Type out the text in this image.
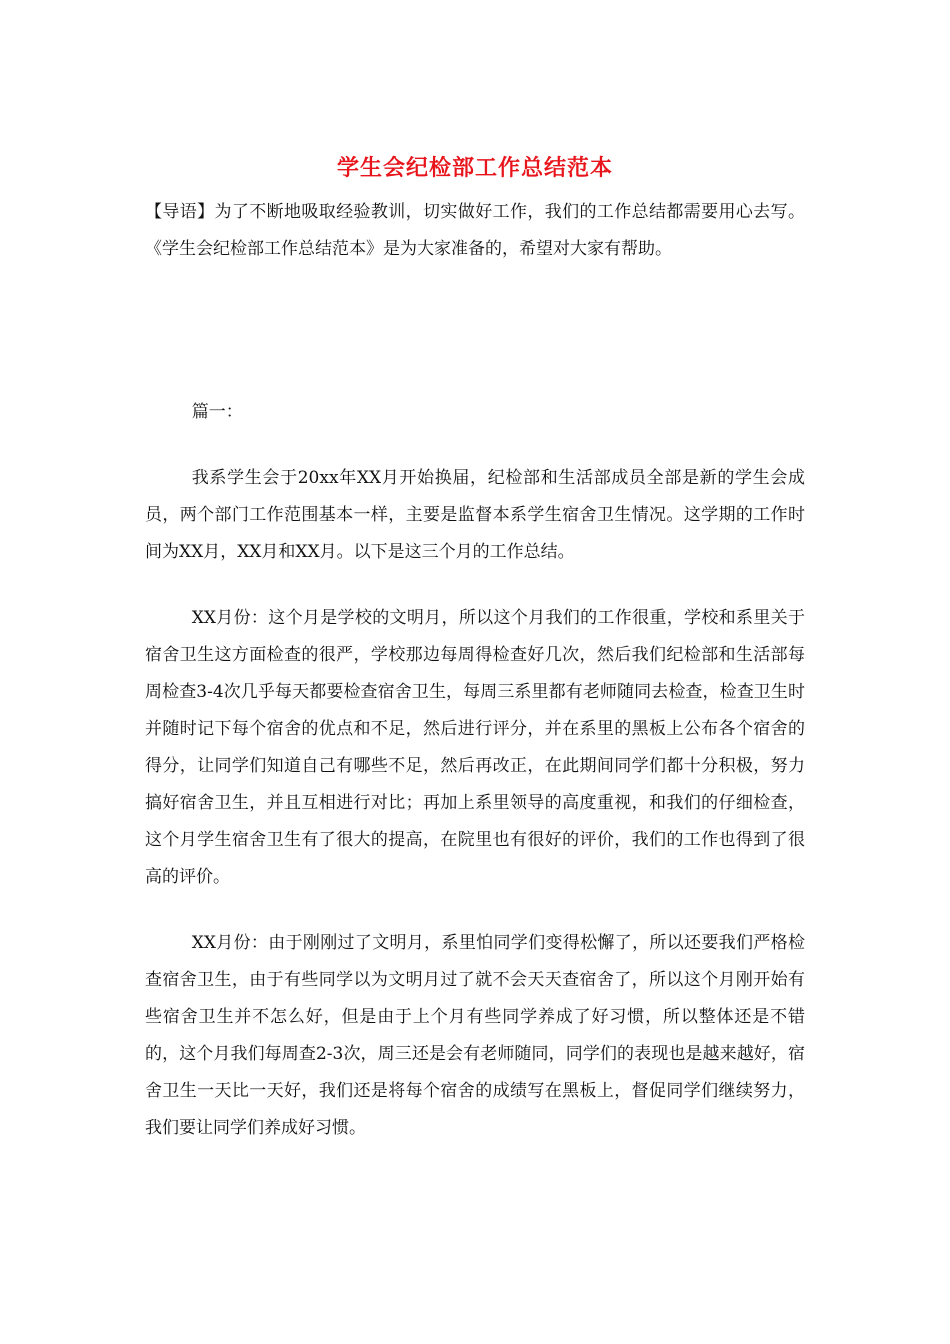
学生会纪检部工作总结范本

【导语】为了不断地吸取经验教训，切实做好工作，我们的工作总结都需要用心去写。《学生会纪检部工作总结范本》是为大家准备的，希望对大家有帮助。

篇一：

我系学生会于20xx年XX月开始换届，纪检部和生活部成员全部是新的学生会成员，两个部门工作范围基本一样，主要是监督本系学生宿舍卫生情况。这学期的工作时间为XX月，XX月和XX月。以下是这三个月的工作总结。

XX月份：这个月是学校的文明月，所以这个月我们的工作很重，学校和系里关于宿舍卫生这方面检查的很严，学校那边每周得检查好几次，然后我们纪检部和生活部每周检查3-4次几乎每天都要检查宿舍卫生，每周三系里都有老师随同去检查，检查卫生时并随时记下每个宿舍的优点和不足，然后进行评分，并在系里的黑板上公布各个宿舍的得分，让同学们知道自己有哪些不足，然后再改正，在此期间同学们都十分积极，努力搞好宿舍卫生，并且互相进行对比；再加上系里领导的高度重视，和我们的仔细检查，这个月学生宿舍卫生有了很大的提高，在院里也有很好的评价，我们的工作也得到了很高的评价。

XX月份：由于刚刚过了文明月，系里怕同学们变得松懈了，所以还要我们严格检查宿舍卫生，由于有些同学以为文明月过了就不会天天查宿舍了，所以这个月刚开始有些宿舍卫生并不怎么好，但是由于上个月有些同学养成了好习惯，所以整体还是不错的，这个月我们每周查2-3次，周三还是会有老师随同，同学们的表现也是越来越好，宿舍卫生一天比一天好，我们还是将每个宿舍的成绩写在黑板上，督促同学们继续努力，我们要让同学们养成好习惯。
